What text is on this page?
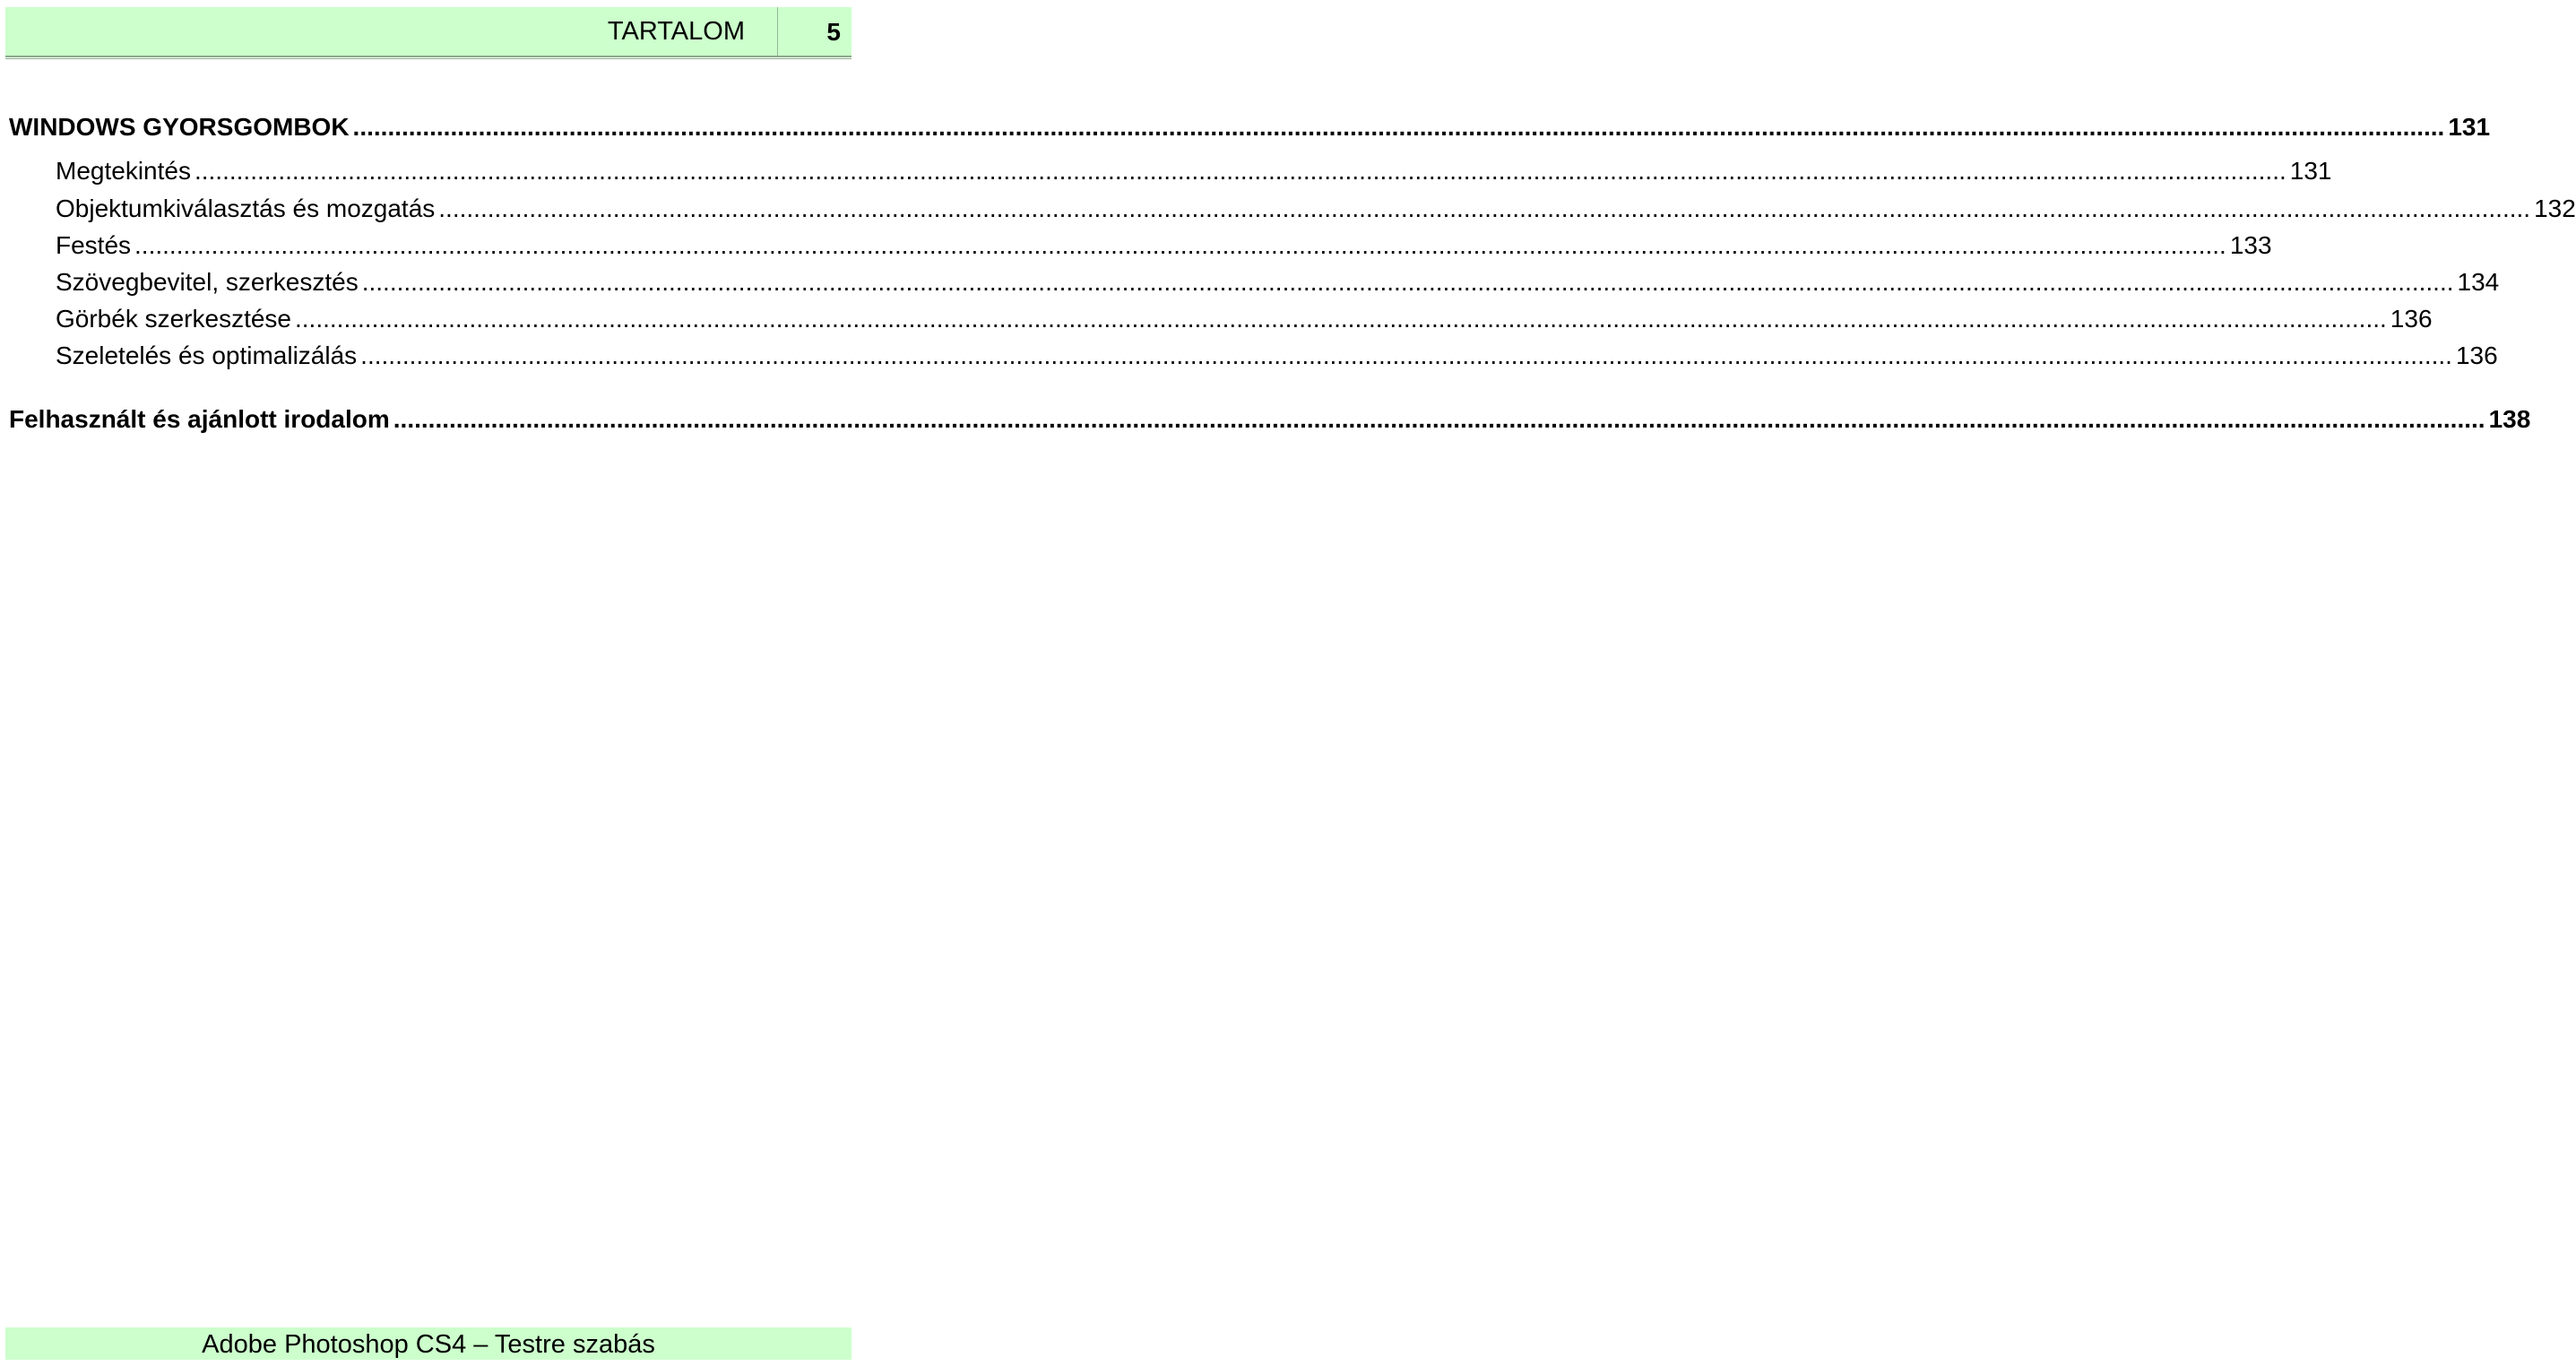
TARTALOM	5
WINDOWS GYORSGOMBOK ............................................................................................................................................................................................................................................................................................................ 131
Megtekintés ............................................................................................................................................................................................................................................................................................................ 131
Objektumkiválasztás és mozgatás ............................................................................................................................................................................................................................................................................................................ 132
Festés ............................................................................................................................................................................................................................................................................................................ 133
Szövegbevitel, szerkesztés ............................................................................................................................................................................................................................................................................................................ 134
Görbék szerkesztése ............................................................................................................................................................................................................................................................................................................ 136
Szeletelés és optimalizálás ............................................................................................................................................................................................................................................................................................................ 136
Felhasznált és ajánlott irodalom ............................................................................................................................................................................................................................................................................................................ 138
Adobe Photoshop CS4 – Testre szabás
